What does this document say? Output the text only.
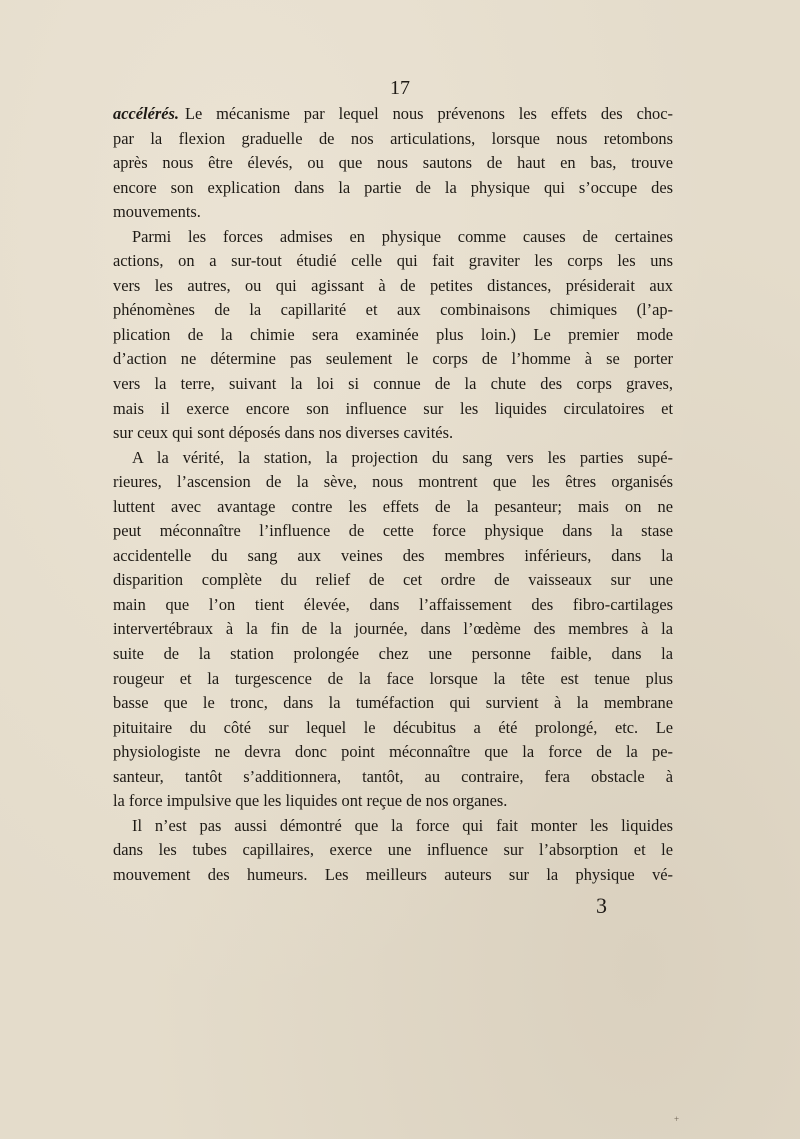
17
accélérés. Le mécanisme par lequel nous prévenons les effets des choc-
par la flexion graduelle de nos articulations, lorsque nous retombons
après nous être élevés, ou que nous sautons de haut en bas, trouve
encore son explication dans la partie de la physique qui s’occupe des
mouvements.
Parmi les forces admises en physique comme causes de certaines
actions, on a sur-tout étudié celle qui fait graviter les corps les uns
vers les autres, ou qui agissant à de petites distances, présiderait aux
phénomènes de la capillarité et aux combinaisons chimiques (l’ap-
plication de la chimie sera examinée plus loin.) Le premier mode
d’action ne détermine pas seulement le corps de l’homme à se porter
vers la terre, suivant la loi si connue de la chute des corps graves,
mais il exerce encore son influence sur les liquides circulatoires et
sur ceux qui sont déposés dans nos diverses cavités.
A la vérité, la station, la projection du sang vers les parties supé-
rieures, l’ascension de la sève, nous montrent que les êtres organisés
luttent avec avantage contre les effets de la pesanteur; mais on ne
peut méconnaître l’influence de cette force physique dans la stase
accidentelle du sang aux veines des membres inférieurs, dans la
disparition complète du relief de cet ordre de vaisseaux sur une
main que l’on tient élevée, dans l’affaissement des fibro-cartilages
intervertébraux à la fin de la journée, dans l’œdème des membres à la
suite de la station prolongée chez une personne faible, dans la
rougeur et la turgescence de la face lorsque la tête est tenue plus
basse que le tronc, dans la tuméfaction qui survient à la membrane
pituitaire du côté sur lequel le décubitus a été prolongé, etc. Le
physiologiste ne devra donc point méconnaître que la force de la pe-
santeur, tantôt s’additionnera, tantôt, au contraire, fera obstacle à
la force impulsive que les liquides ont reçue de nos organes.
Il n’est pas aussi démontré que la force qui fait monter les liquides
dans les tubes capillaires, exerce une influence sur l’absorption et le
mouvement des humeurs. Les meilleurs auteurs sur la physique vé-
3
+
